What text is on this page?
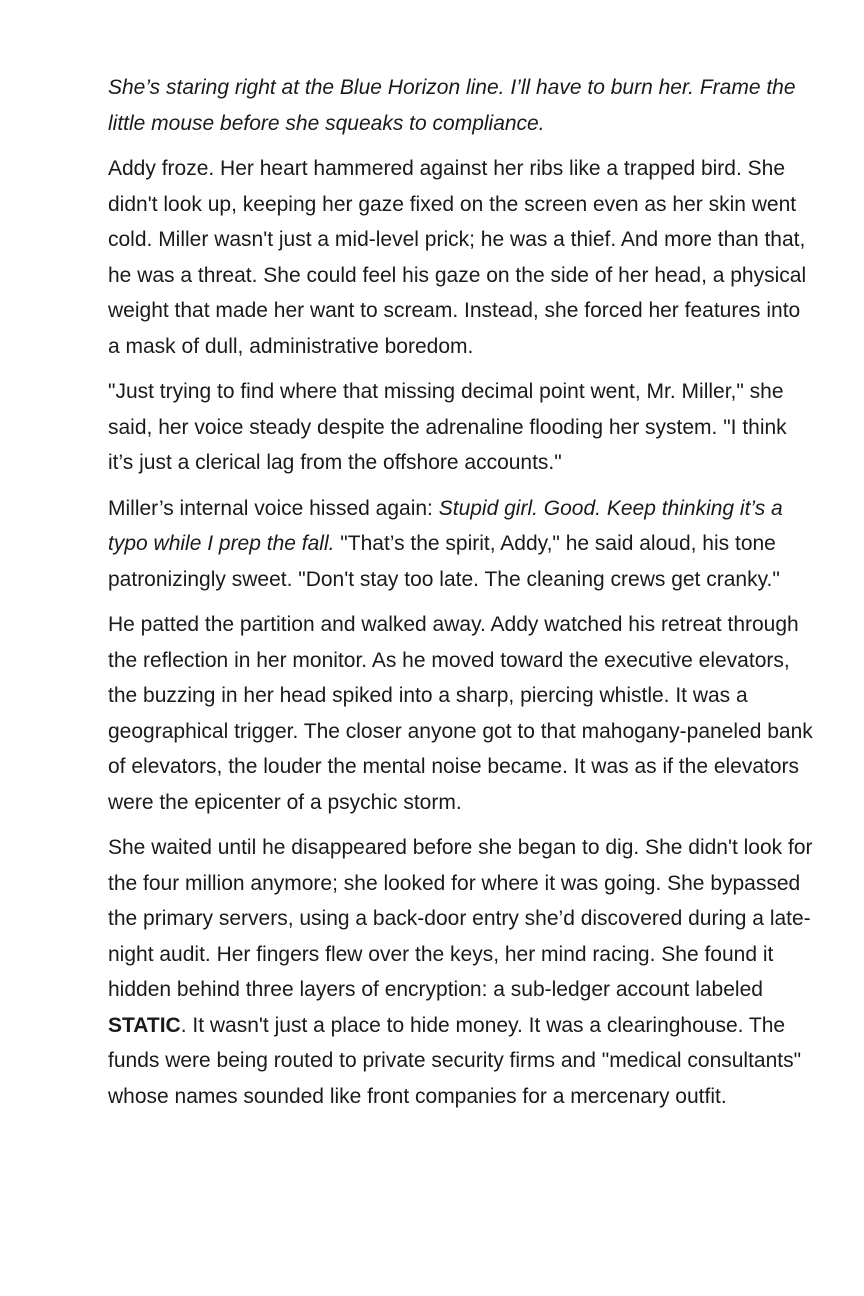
She’s staring right at the Blue Horizon line. I’ll have to burn her. Frame the little mouse before she squeaks to compliance.

Addy froze. Her heart hammered against her ribs like a trapped bird. She didn't look up, keeping her gaze fixed on the screen even as her skin went cold. Miller wasn't just a mid-level prick; he was a thief. And more than that, he was a threat. She could feel his gaze on the side of her head, a physical weight that made her want to scream. Instead, she forced her features into a mask of dull, administrative boredom.

"Just trying to find where that missing decimal point went, Mr. Miller," she said, her voice steady despite the adrenaline flooding her system. "I think it’s just a clerical lag from the offshore accounts."

Miller’s internal voice hissed again: Stupid girl. Good. Keep thinking it’s a typo while I prep the fall. "That’s the spirit, Addy," he said aloud, his tone patronizingly sweet. "Don't stay too late. The cleaning crews get cranky."

He patted the partition and walked away. Addy watched his retreat through the reflection in her monitor. As he moved toward the executive elevators, the buzzing in her head spiked into a sharp, piercing whistle. It was a geographical trigger. The closer anyone got to that mahogany-paneled bank of elevators, the louder the mental noise became. It was as if the elevators were the epicenter of a psychic storm.

She waited until he disappeared before she began to dig. She didn't look for the four million anymore; she looked for where it was going. She bypassed the primary servers, using a back-door entry she’d discovered during a late-night audit. Her fingers flew over the keys, her mind racing. She found it hidden behind three layers of encryption: a sub-ledger account labeled STATIC. It wasn't just a place to hide money. It was a clearinghouse. The funds were being routed to private security firms and "medical consultants" whose names sounded like front companies for a mercenary outfit.
